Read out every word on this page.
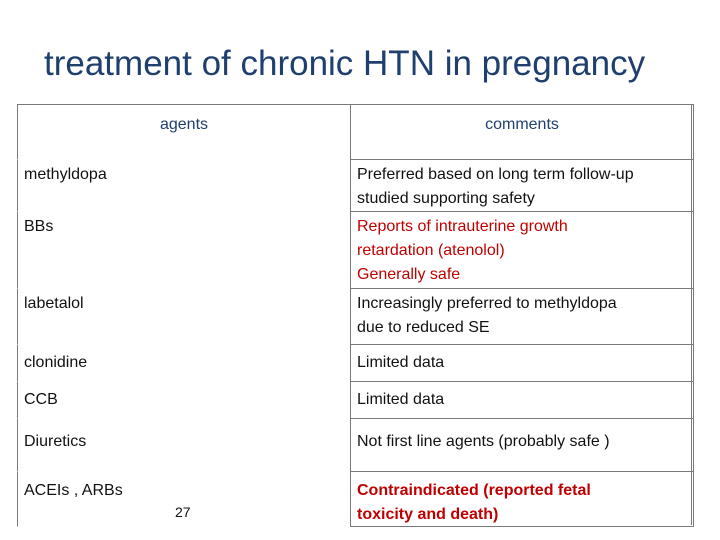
treatment of chronic HTN in pregnancy
agents	comments
methyldopa	Preferred based on long term follow-up
studied supporting safety
BBs	Reports of intrauterine growth
retardation (atenolol)
Generally safe
labetalol	Increasingly preferred to methyldopa
due to reduced SE
clonidine	Limited data
CCB	Limited data
Diuretics	Not first line agents (probably safe )
ACEIs , ARBs	Contraindicated (reported fetal
toxicity and death)
27
